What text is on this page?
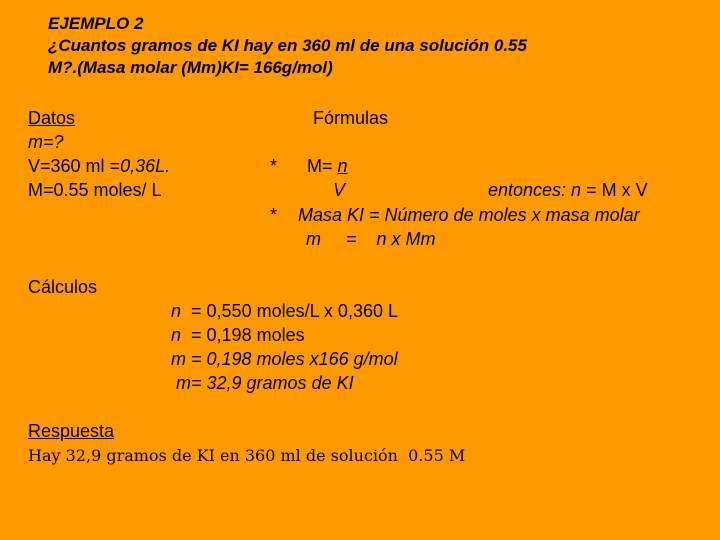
EJEMPLO 2
¿Cuantos gramos de KI hay en 360 ml de una solución 0.55
M?.(Masa molar (Mm)KI= 166g/mol)
Datos
m=?
V=360 ml =0,36L.
M=0.55 moles/ L
Fórmulas
* M= n
V	entonces: n = M x V
* Masa KI = Número de moles x masa molar
m     =    n x Mm
Cálculos
n  = 0,550 moles/L x 0,360 L
n  = 0,198 moles
m = 0,198 moles x166 g/mol
m= 32,9 gramos de KI
Respuesta
Hay 32,9 gramos de KI en 360 ml de solución  0.55 M
